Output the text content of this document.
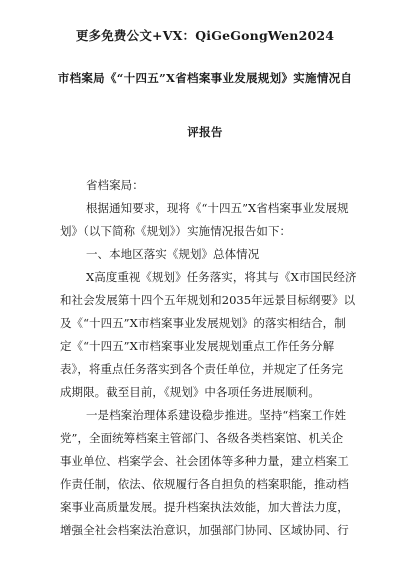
更多免费公文+VX：QiGeGongWen2024
市档案局《“十四五”X省档案事业发展规划》实施情况自
评报告
省档案局：
根据通知要求，现将《“十四五”X省档案事业发展规
划》（以下简称《规划》）实施情况报告如下：
一、本地区落实《规划》总体情况
X高度重视《规划》任务落实，将其与《X市国民经济
和社会发展第十四个五年规划和2035年远景目标纲要》以
及《“十四五”X市档案事业发展规划》的落实相结合，制
定《“十四五”X市档案事业发展规划重点工作任务分解
表》，将重点任务落实到各个责任单位，并规定了任务完
成期限。截至目前，《规划》中各项任务进展顺利。
一是档案治理体系建设稳步推进。坚持“档案工作姓
党”，全面统筹档案主管部门、各级各类档案馆、机关企
事业单位、档案学会、社会团体等多种力量，建立档案工
作责任制，依法、依规履行各自担负的档案职能，推动档
案事业高质量发展。提升档案执法效能，加大普法力度，
增强全社会档案法治意识，加强部门协同、区域协同、行
